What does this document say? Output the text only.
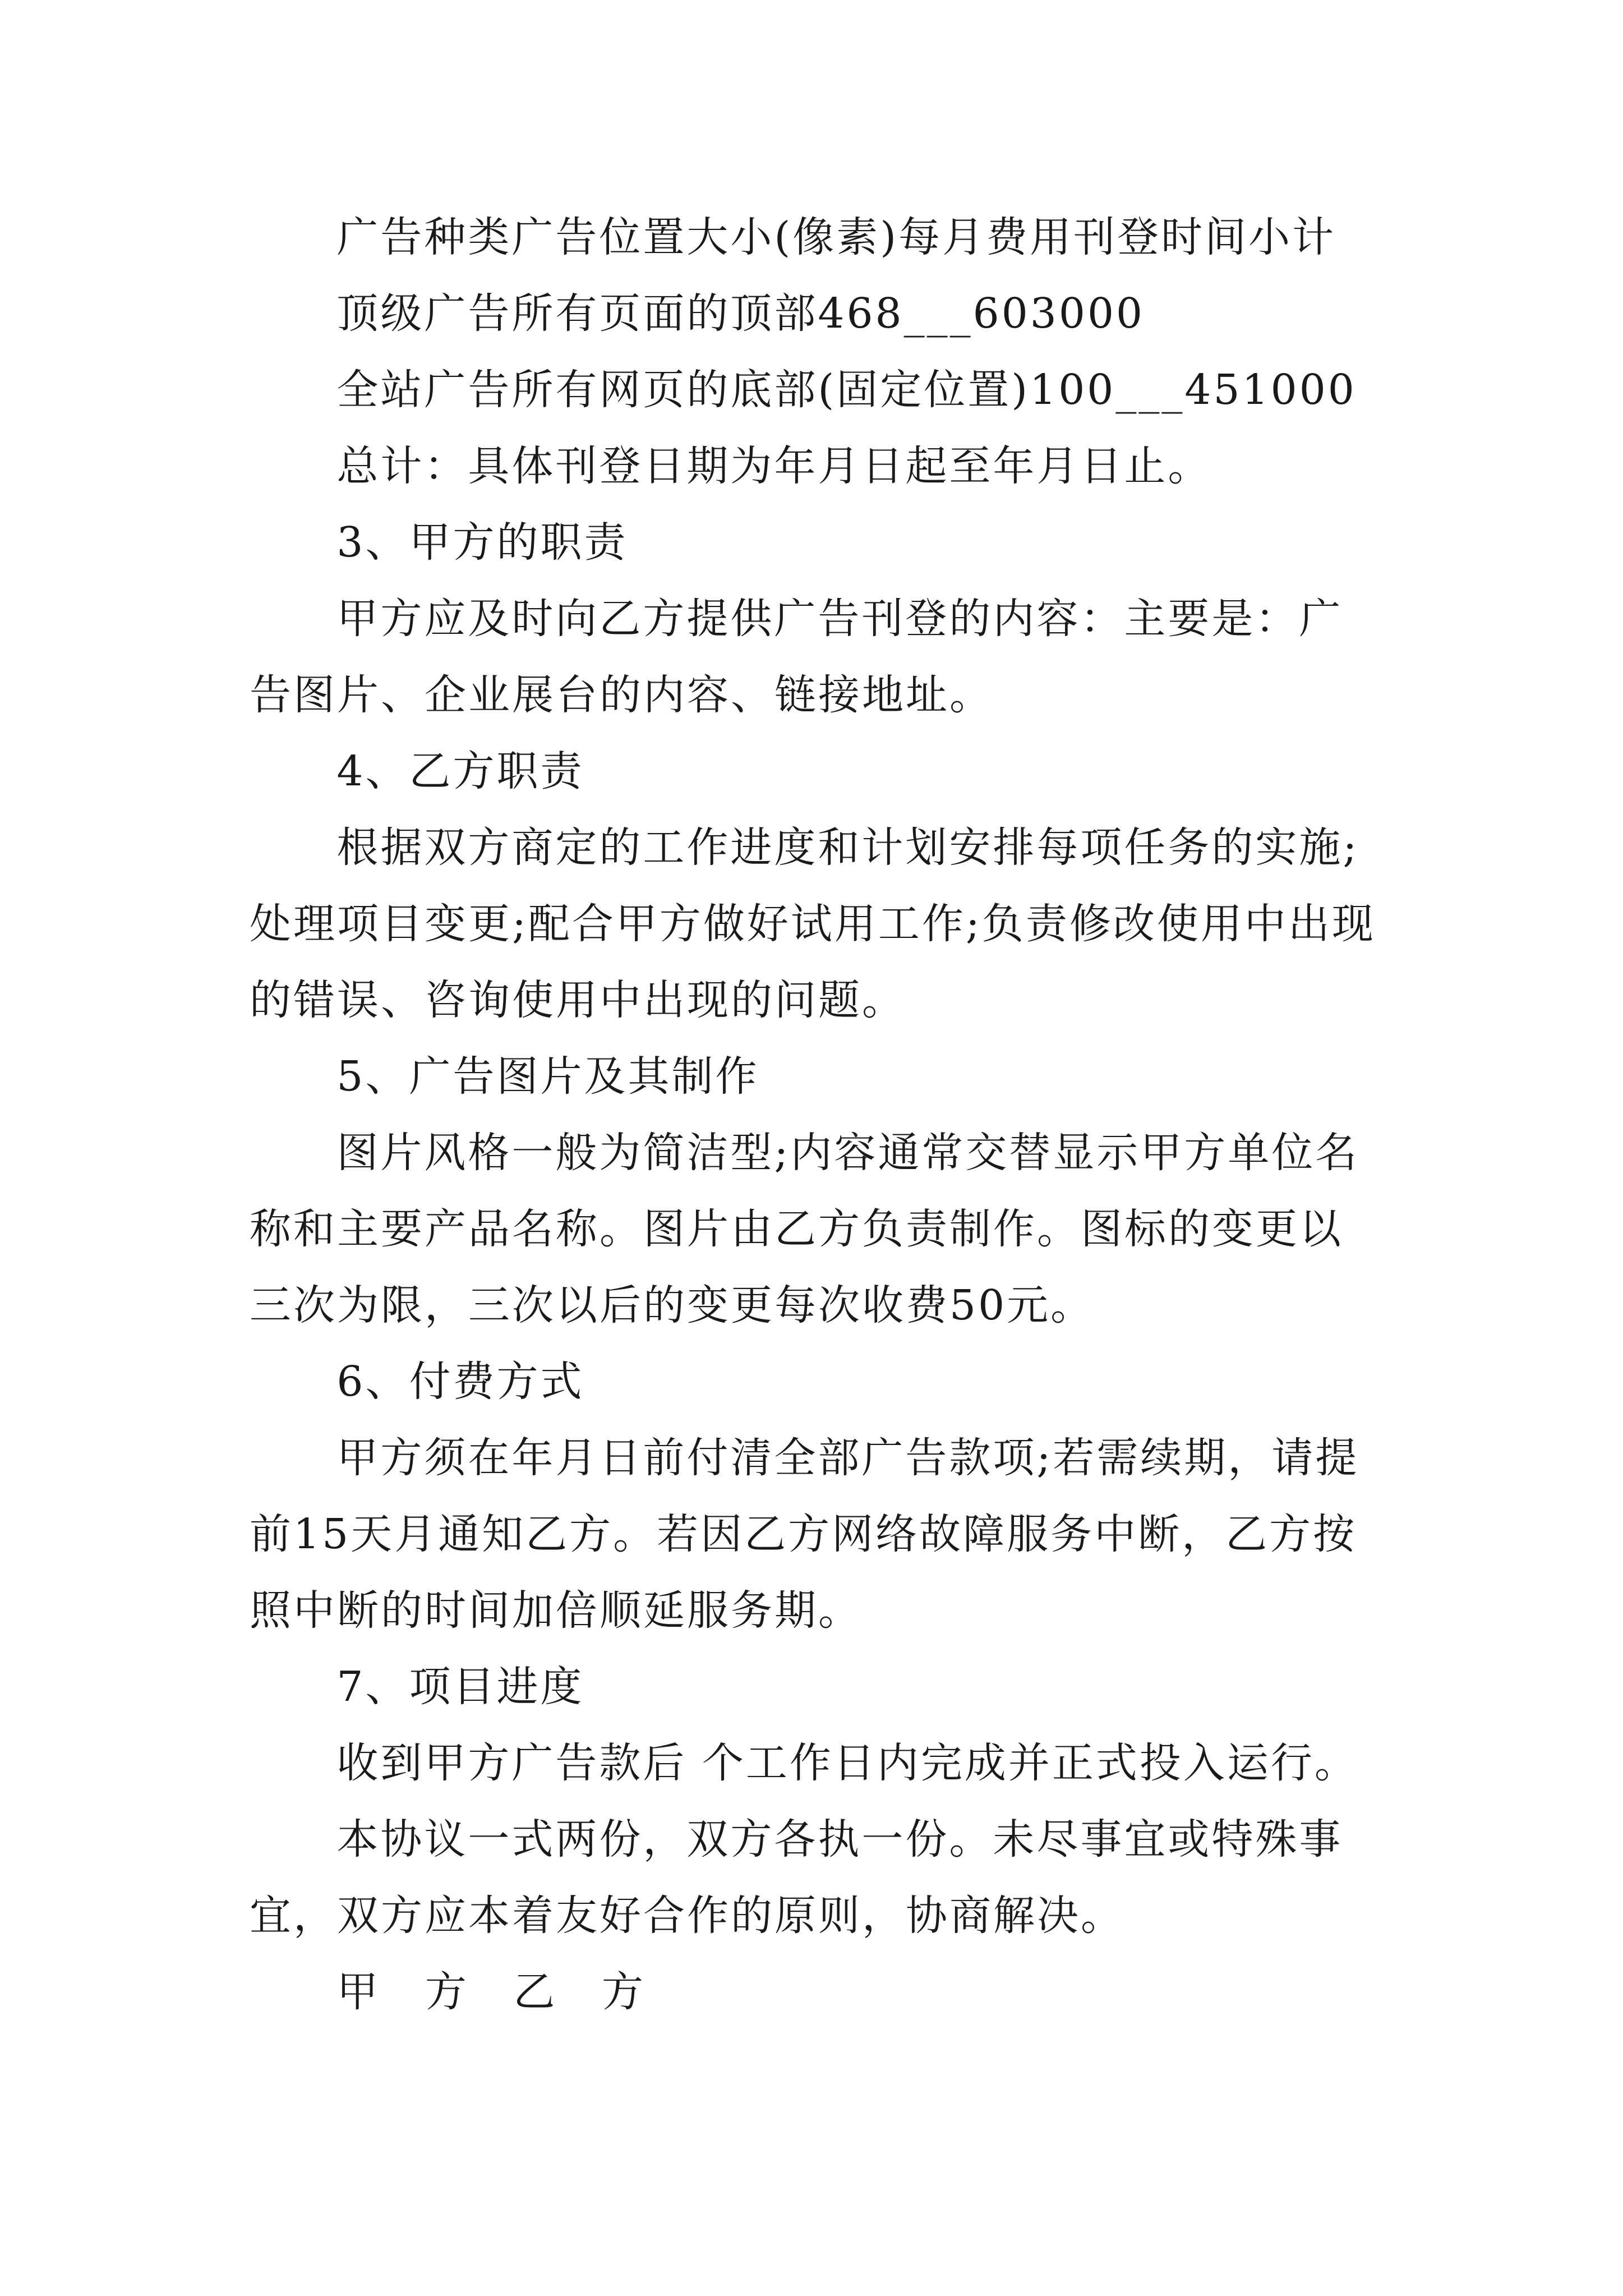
广告种类广告位置大小(像素)每月费用刊登时间小计

顶级广告所有页面的顶部468___603000

全站广告所有网页的底部(固定位置)100___451000

总计：具体刊登日期为年月日起至年月日止。

3、甲方的职责

甲方应及时向乙方提供广告刊登的内容：主要是：广告图片、企业展台的内容、链接地址。

4、乙方职责

根据双方商定的工作进度和计划安排每项任务的实施;处理项目变更;配合甲方做好试用工作;负责修改使用中出现的错误、咨询使用中出现的问题。

5、广告图片及其制作

图片风格一般为简洁型;内容通常交替显示甲方单位名称和主要产品名称。图片由乙方负责制作。图标的变更以三次为限，三次以后的变更每次收费50元。

6、付费方式

甲方须在年月日前付清全部广告款项;若需续期，请提前15天月通知乙方。若因乙方网络故障服务中断，乙方按照中断的时间加倍顺延服务期。

7、项目进度

收到甲方广告款后 个工作日内完成并正式投入运行。

本协议一式两份，双方各执一份。未尽事宜或特殊事宜，双方应本着友好合作的原则，协商解决。

甲 方 乙 方
